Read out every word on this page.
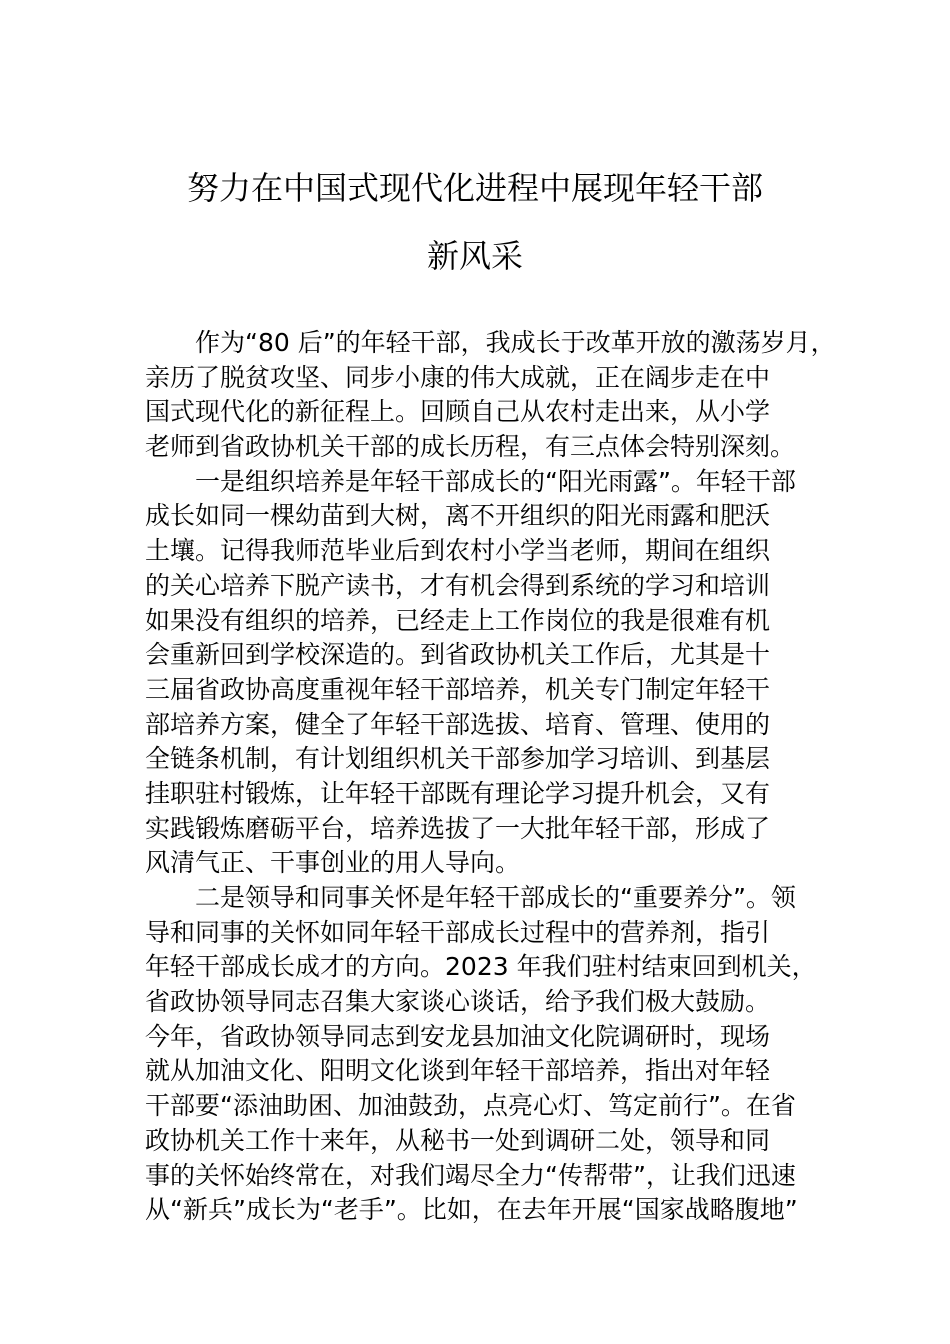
努力在中国式现代化进程中展现年轻干部
新风采
作为“80 后”的年轻干部，我成长于改革开放的激荡岁月，
亲历了脱贫攻坚、同步小康的伟大成就，正在阔步走在中
国式现代化的新征程上。回顾自己从农村走出来，从小学
老师到省政协机关干部的成长历程，有三点体会特别深刻。
一是组织培养是年轻干部成长的“阳光雨露”。年轻干部
成长如同一棵幼苗到大树，离不开组织的阳光雨露和肥沃
土壤。记得我师范毕业后到农村小学当老师，期间在组织
的关心培养下脱产读书，才有机会得到系统的学习和培训
如果没有组织的培养，已经走上工作岗位的我是很难有机
会重新回到学校深造的。到省政协机关工作后，尤其是十
三届省政协高度重视年轻干部培养，机关专门制定年轻干
部培养方案，健全了年轻干部选拔、培育、管理、使用的
全链条机制，有计划组织机关干部参加学习培训、到基层
挂职驻村锻炼，让年轻干部既有理论学习提升机会，又有
实践锻炼磨砺平台，培养选拔了一大批年轻干部，形成了
风清气正、干事创业的用人导向。
二是领导和同事关怀是年轻干部成长的“重要养分”。领
导和同事的关怀如同年轻干部成长过程中的营养剂，指引
年轻干部成长成才的方向。2023 年我们驻村结束回到机关，
省政协领导同志召集大家谈心谈话，给予我们极大鼓励。
今年，省政协领导同志到安龙县加油文化院调研时，现场
就从加油文化、阳明文化谈到年轻干部培养，指出对年轻
干部要“添油助困、加油鼓劲，点亮心灯、笃定前行”。在省
政协机关工作十来年，从秘书一处到调研二处，领导和同
事的关怀始终常在，对我们竭尽全力“传帮带”，让我们迅速
从“新兵”成长为“老手”。比如，在去年开展“国家战略腹地”
